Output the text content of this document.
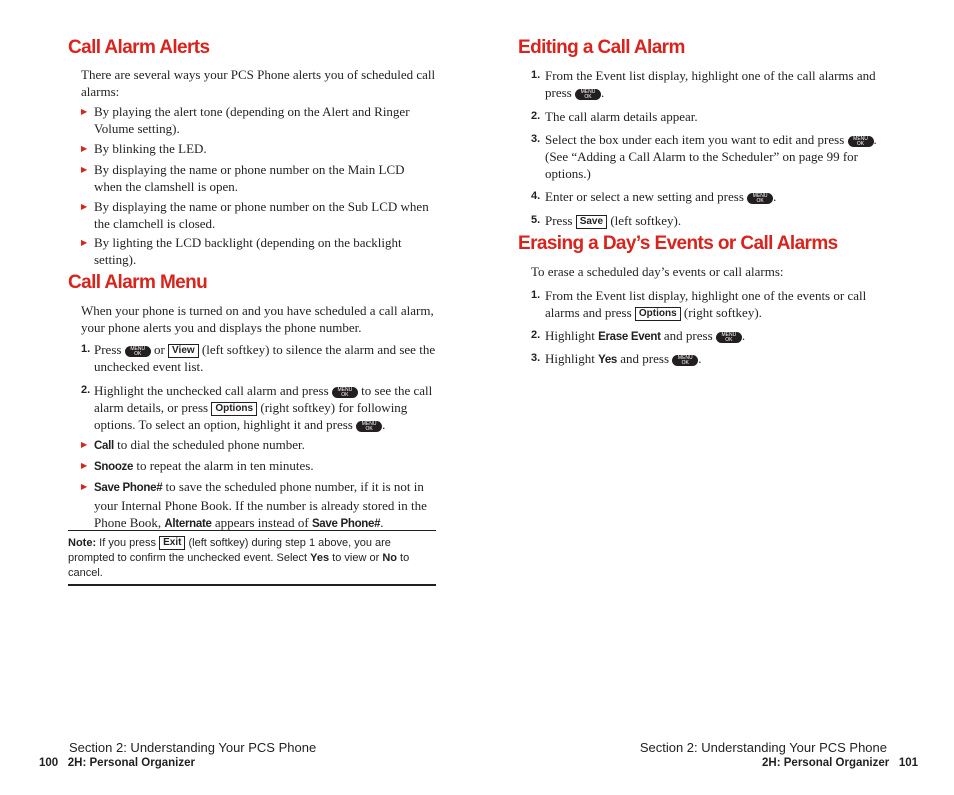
Call Alarm Alerts

There are several ways your PCS Phone alerts you of scheduled call alarms:

▶ By playing the alert tone (depending on the Alert and Ringer Volume setting).

▶ By blinking the LED.

▶ By displaying the name or phone number on the Main LCD when the clamshell is open.

▶ By displaying the name or phone number on the Sub LCD when the clamchell is closed.

▶ By lighting the LCD backlight (depending on the backlight setting).

Call Alarm Menu

When your phone is turned on and you have scheduled a call alarm, your phone alerts you and displays the phone number.

1. Press	MENU
OK or View (left softkey) to silence the alarm and see the unchecked event list.

2. Highlight the unchecked call alarm and press	MENU
OK to see the call alarm details, or press Options (right softkey) for following options. To select an option, highlight it and press	MENU
OK .

▶ Call to dial the scheduled phone number.

▶ Snooze to repeat the alarm in ten minutes.

▶ Save Phone# to save the scheduled phone number, if it is not in your Internal Phone Book. If the number is already stored in the Phone Book, Alternate appears instead of Save Phone#.

Note: If you press Exit (left softkey) during step 1 above, you are prompted to confirm the unchecked event. Select Yes to view or No to cancel.
Editing a Call Alarm
1. From the Event list display, highlight one of the call alarms and press	MENU
OK .

2. The call alarm details appear.

3. Select the box under each item you want to edit and press	MENU
OK . (See “Adding a Call Alarm to the Scheduler” on page 99 for options.)

4. Enter or select a new setting and press	MENU
OK .

5. Press Save (left softkey).

Erasing a Day’s Events or Call Alarms

To erase a scheduled day’s events or call alarms:

1. From the Event list display, highlight one of the events or call alarms and press Options (right softkey).

2. Highlight Erase Event and press	MENU
OK .

3. Highlight Yes and press	MENU
OK .

Section 2: Understanding Your PCS Phone
100 2H: Personal Organizer
Section 2: Understanding Your PCS Phone
2H: Personal Organizer 101
